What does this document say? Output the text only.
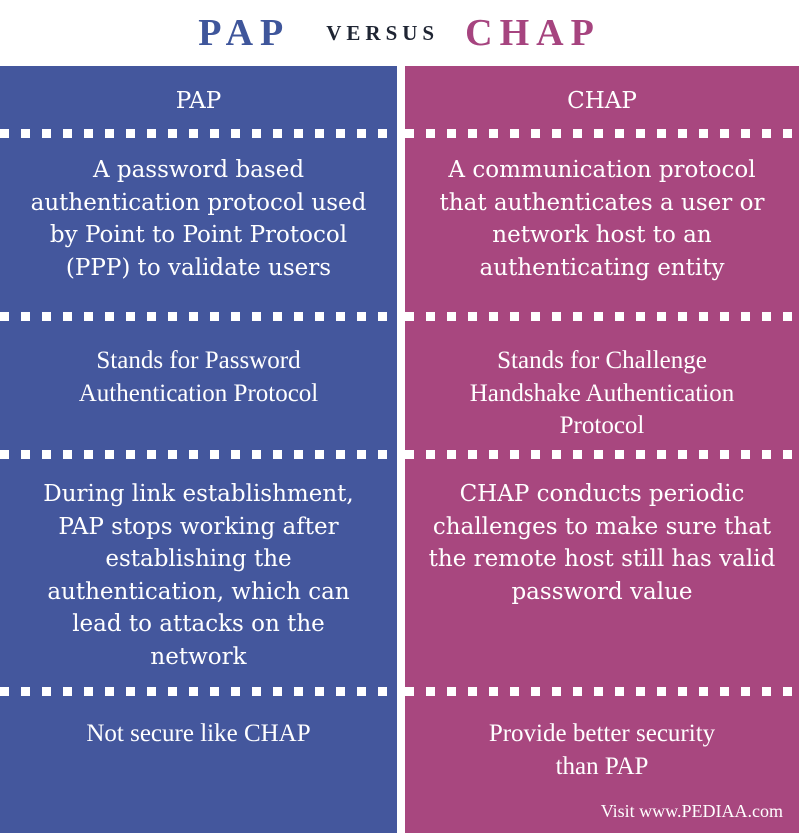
PAP VERSUS CHAP
PAP
A password based authentication protocol used by Point to Point Protocol (PPP) to validate users
Stands for Password Authentication Protocol
During link establishment, PAP stops working after establishing the authentication, which can lead to attacks on the network
Not secure like CHAP
CHAP
A communication protocol that authenticates a user or network host to an authenticating entity
Stands for Challenge Handshake Authentication Protocol
CHAP conducts periodic challenges to make sure that the remote host still has valid password value
Provide better security than PAP
Visit www.PEDIAA.com
